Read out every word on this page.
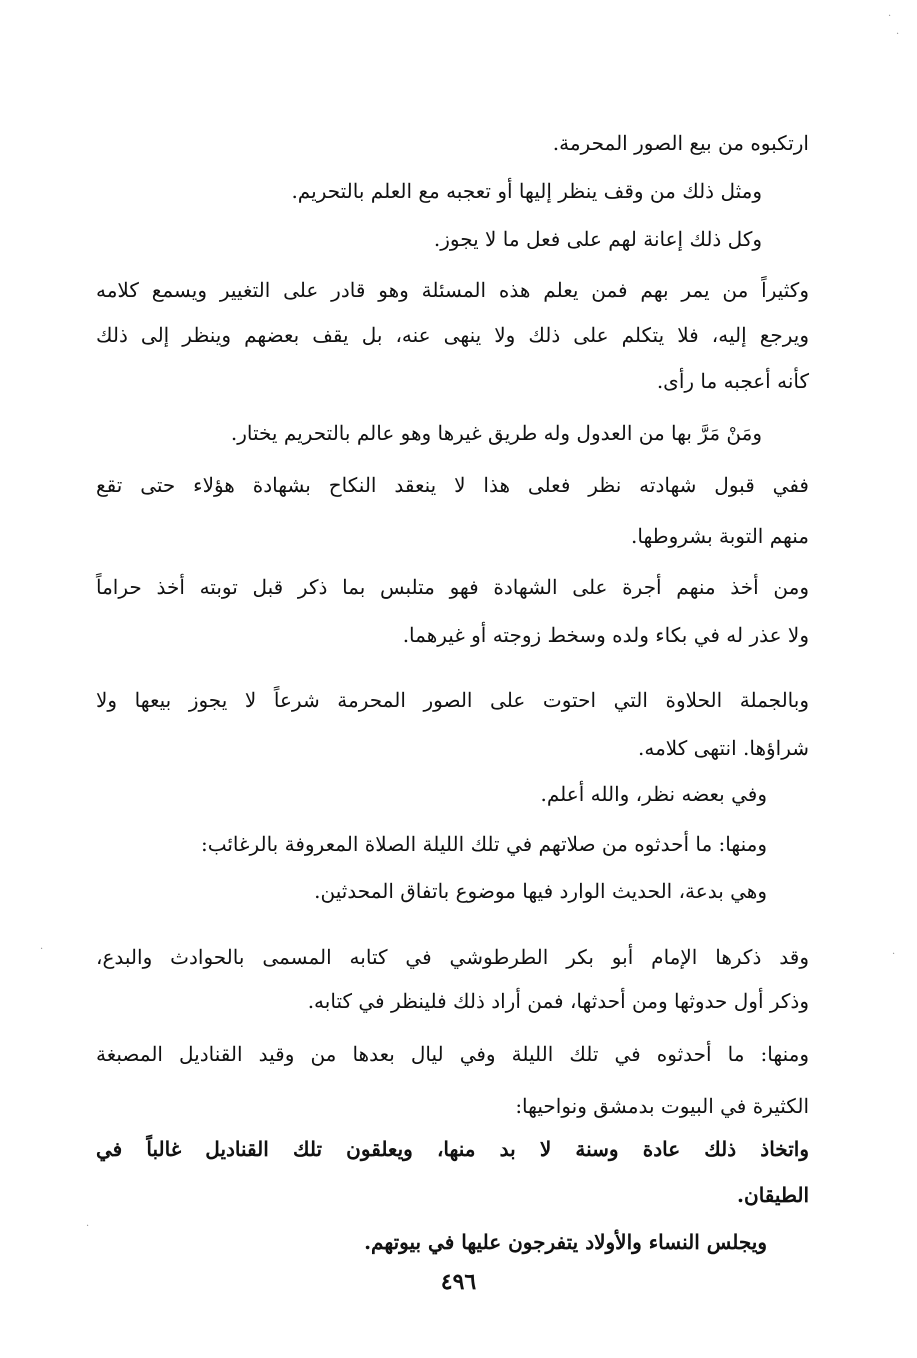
ارتكبوه من بيع الصور المحرمة.
ومثل ذلك من وقف ينظر إليها أو تعجبه مع العلم بالتحريم.
وكل ذلك إعانة لهم على فعل ما لا يجوز.
وكثيراً من يمر بهم فمن يعلم هذه المسئلة وهو قادر على التغيير ويسمع كلامه
ويرجع إليه، فلا يتكلم على ذلك ولا ينهى عنه، بل يقف بعضهم وينظر إلى ذلك
كأنه أعجبه ما رأى.
ومَنْ مَرَّ بها من العدول وله طريق غيرها وهو عالم بالتحريم يختار.
ففي قبول شهادته نظر فعلى هذا لا ينعقد النكاح بشهادة هؤلاء حتى تقع
منهم التوبة بشروطها.
ومن أخذ منهم أجرة على الشهادة فهو متلبس بما ذكر قبل توبته أخذ حراماً
ولا عذر له في بكاء ولده وسخط زوجته أو غيرهما.
وبالجملة الحلاوة التي احتوت على الصور المحرمة شرعاً لا يجوز بيعها ولا
شراؤها. انتهى كلامه.
وفي بعضه نظر، والله أعلم.
ومنها: ما أحدثوه من صلاتهم في تلك الليلة الصلاة المعروفة بالرغائب:
وهي بدعة، الحديث الوارد فيها موضوع باتفاق المحدثين.
وقد ذكرها الإمام أبو بكر الطرطوشي في كتابه المسمى بالحوادث والبدع،
وذكر أول حدوثها ومن أحدثها، فمن أراد ذلك فلينظر في كتابه.
ومنها: ما أحدثوه في تلك الليلة وفي ليال بعدها من وقيد القناديل المصبغة
الكثيرة في البيوت بدمشق ونواحيها:
واتخاذ ذلك عادة وسنة لا بد منها، ويعلقون تلك القناديل غالباً في
الطيقان.
ويجلس النساء والأولاد يتفرجون عليها في بيوتهم.
٤٩٦
·
·
·
·
·
